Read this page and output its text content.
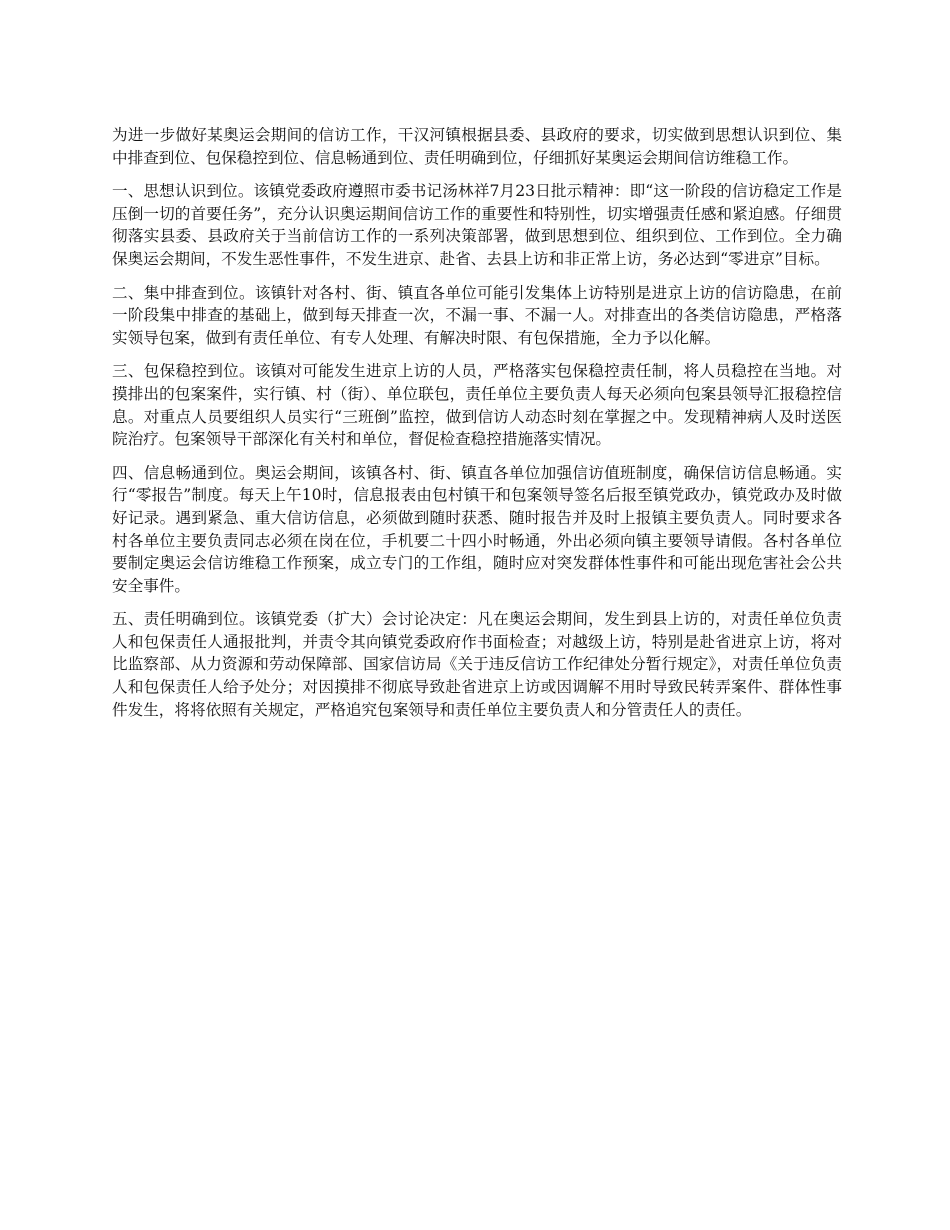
为进一步做好某奥运会期间的信访工作，干汉河镇根据县委、县政府的要求，切实做到思想认识到位、集中排查到位、包保稳控到位、信息畅通到位、责任明确到位，仔细抓好某奥运会期间信访维稳工作。

一、思想认识到位。该镇党委政府遵照市委书记汤林祥7月23日批示精神：即“这一阶段的信访稳定工作是压倒一切的首要任务”，充分认识奥运期间信访工作的重要性和特别性，切实增强责任感和紧迫感。仔细贯彻落实县委、县政府关于当前信访工作的一系列决策部署，做到思想到位、组织到位、工作到位。全力确保奥运会期间，不发生恶性事件，不发生进京、赴省、去县上访和非正常上访，务必达到“零进京”目标。

二、集中排查到位。该镇针对各村、街、镇直各单位可能引发集体上访特别是进京上访的信访隐患，在前一阶段集中排查的基础上，做到每天排查一次，不漏一事、不漏一人。对排查出的各类信访隐患，严格落实领导包案，做到有责任单位、有专人处理、有解决时限、有包保措施，全力予以化解。

三、包保稳控到位。该镇对可能发生进京上访的人员，严格落实包保稳控责任制，将人员稳控在当地。对摸排出的包案案件，实行镇、村（街）、单位联包，责任单位主要负责人每天必须向包案县领导汇报稳控信息。对重点人员要组织人员实行“三班倒”监控，做到信访人动态时刻在掌握之中。发现精神病人及时送医院治疗。包案领导干部深化有关村和单位，督促检查稳控措施落实情况。

四、信息畅通到位。奥运会期间，该镇各村、街、镇直各单位加强信访值班制度，确保信访信息畅通。实行“零报告”制度。每天上午10时，信息报表由包村镇干和包案领导签名后报至镇党政办，镇党政办及时做好记录。遇到紧急、重大信访信息，必须做到随时获悉、随时报告并及时上报镇主要负责人。同时要求各村各单位主要负责同志必须在岗在位，手机要二十四小时畅通，外出必须向镇主要领导请假。各村各单位要制定奥运会信访维稳工作预案，成立专门的工作组，随时应对突发群体性事件和可能出现危害社会公共安全事件。

五、责任明确到位。该镇党委（扩大）会讨论决定：凡在奥运会期间，发生到县上访的，对责任单位负责人和包保责任人通报批判，并责令其向镇党委政府作书面检查；对越级上访，特别是赴省进京上访，将对比监察部、从力资源和劳动保障部、国家信访局《关于违反信访工作纪律处分暂行规定》，对责任单位负责人和包保责任人给予处分；对因摸排不彻底导致赴省进京上访或因调解不用时导致民转弄案件、群体性事件发生，将将依照有关规定，严格追究包案领导和责任单位主要负责人和分管责任人的责任。
